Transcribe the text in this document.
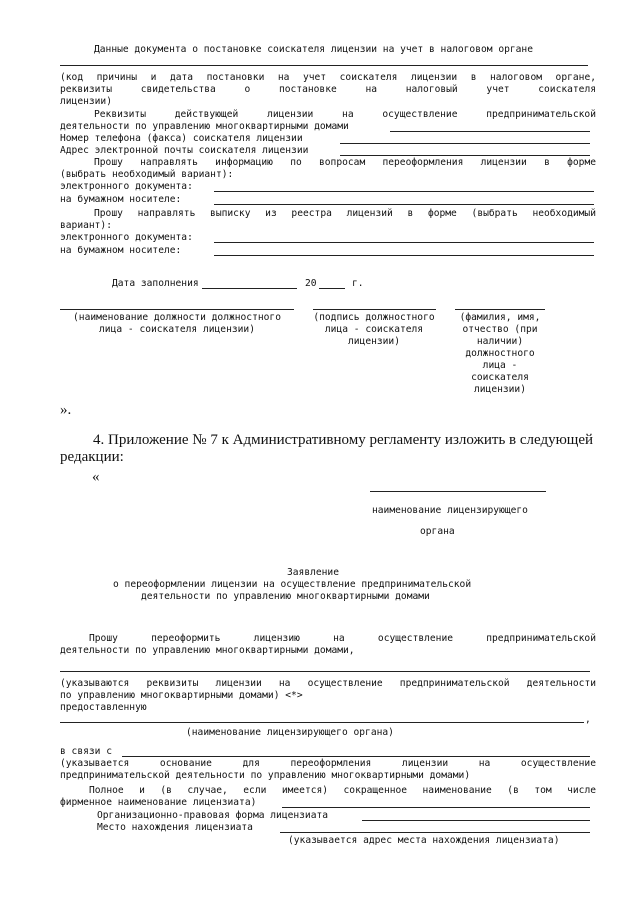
Данные документа о постановке соискателя лицензии на учет в налоговом органе
(код причины и дата постановки на учет соискателя лицензии в налоговом органе,
реквизиты свидетельства о постановке на налоговый учет соискателя
лицензии)
Реквизиты действующей лицензии на осуществление предпринимательской
деятельности по управлению многоквартирными домами
Номер телефона (факса) соискателя лицензии
Адрес электронной почты соискателя лицензии
Прошу направлять информацию по вопросам переоформления лицензии в форме
(выбрать необходимый вариант):
электронного документа:
на бумажном носителе:
Прошу направлять выписку из реестра лицензий в форме (выбрать необходимый
вариант):
электронного документа:
на бумажном носителе:
Дата заполнения	20	г.
(наименование должности должностного лица - соискателя лицензии)
(подпись должностного лица - соискателя лицензии)
(фамилия, имя, отчество (при наличии) должностного лица - соискателя лицензии)
».
4. Приложение № 7 к Административному регламенту изложить в следующей
редакции:
«
наименование лицензирующего
органа
Заявление
о переоформлении лицензии на осуществление предпринимательской
деятельности по управлению многоквартирными домами
Прошу переоформить лицензию на осуществление предпринимательской
деятельности по управлению многоквартирными домами,
(указываются реквизиты лицензии на осуществление предпринимательской деятельности
по управлению многоквартирными домами) <*>
предоставленную
,
(наименование лицензирующего органа)
в связи с
(указывается основание для переоформления лицензии на осуществление
предпринимательской деятельности по управлению многоквартирными домами)
Полное и (в случае, если имеется) сокращенное наименование (в том числе
фирменное наименование лицензиата)
Организационно-правовая форма лицензиата
Место нахождения лицензиата
(указывается адрес места нахождения лицензиата)
